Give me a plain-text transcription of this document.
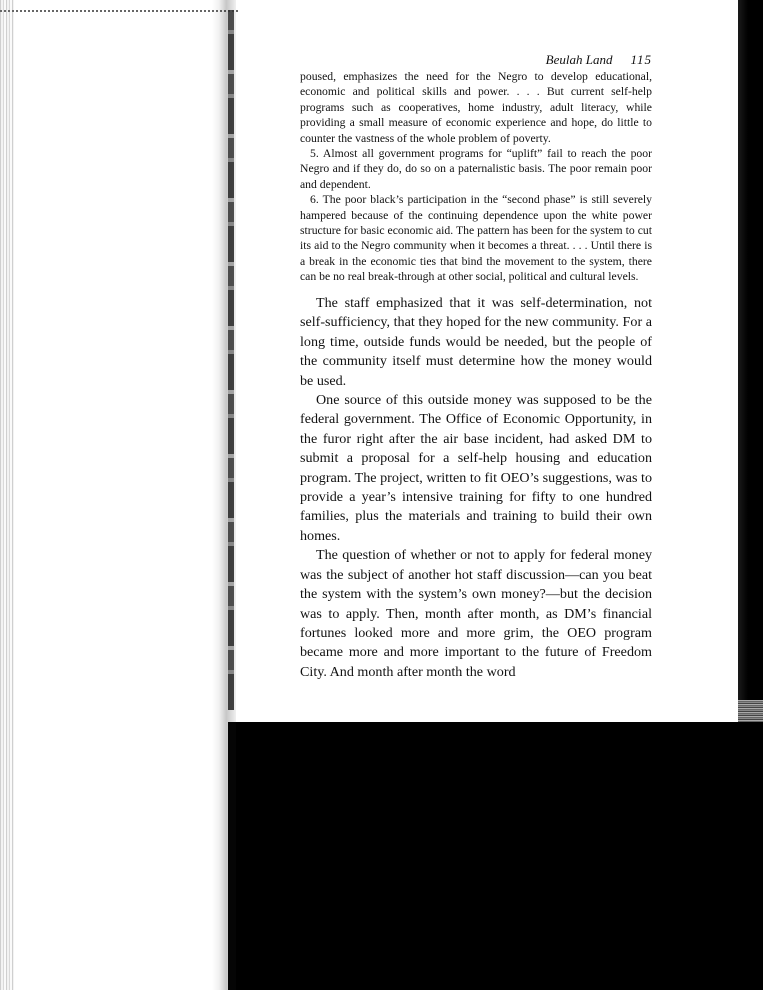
Beulah Land 115

poused, emphasizes the need for the Negro to develop educational, economic and political skills and power. . . . But current self-help programs such as cooperatives, home industry, adult literacy, while providing a small measure of economic experience and hope, do little to counter the vastness of the whole problem of poverty.

5. Almost all government programs for “uplift” fail to reach the poor Negro and if they do, do so on a paternalistic basis. The poor remain poor and dependent.

6. The poor black’s participation in the “second phase” is still severely hampered because of the continuing dependence upon the white power structure for basic economic aid. The pattern has been for the system to cut its aid to the Negro community when it becomes a threat. . . . Until there is a break in the economic ties that bind the movement to the system, there can be no real break-through at other social, political and cultural levels.

The staff emphasized that it was self-determination, not self-sufficiency, that they hoped for the new community. For a long time, outside funds would be needed, but the people of the community itself must determine how the money would be used.

One source of this outside money was supposed to be the federal government. The Office of Economic Opportunity, in the furor right after the air base incident, had asked DM to submit a proposal for a self-help housing and education program. The project, written to fit OEO’s suggestions, was to provide a year’s intensive training for fifty to one hundred families, plus the materials and training to build their own homes.

The question of whether or not to apply for federal money was the subject of another hot staff discussion—can you beat the system with the system’s own money?—but the decision was to apply. Then, month after month, as DM’s financial fortunes looked more and more grim, the OEO program became more and more important to the future of Freedom City. And month after month the word
